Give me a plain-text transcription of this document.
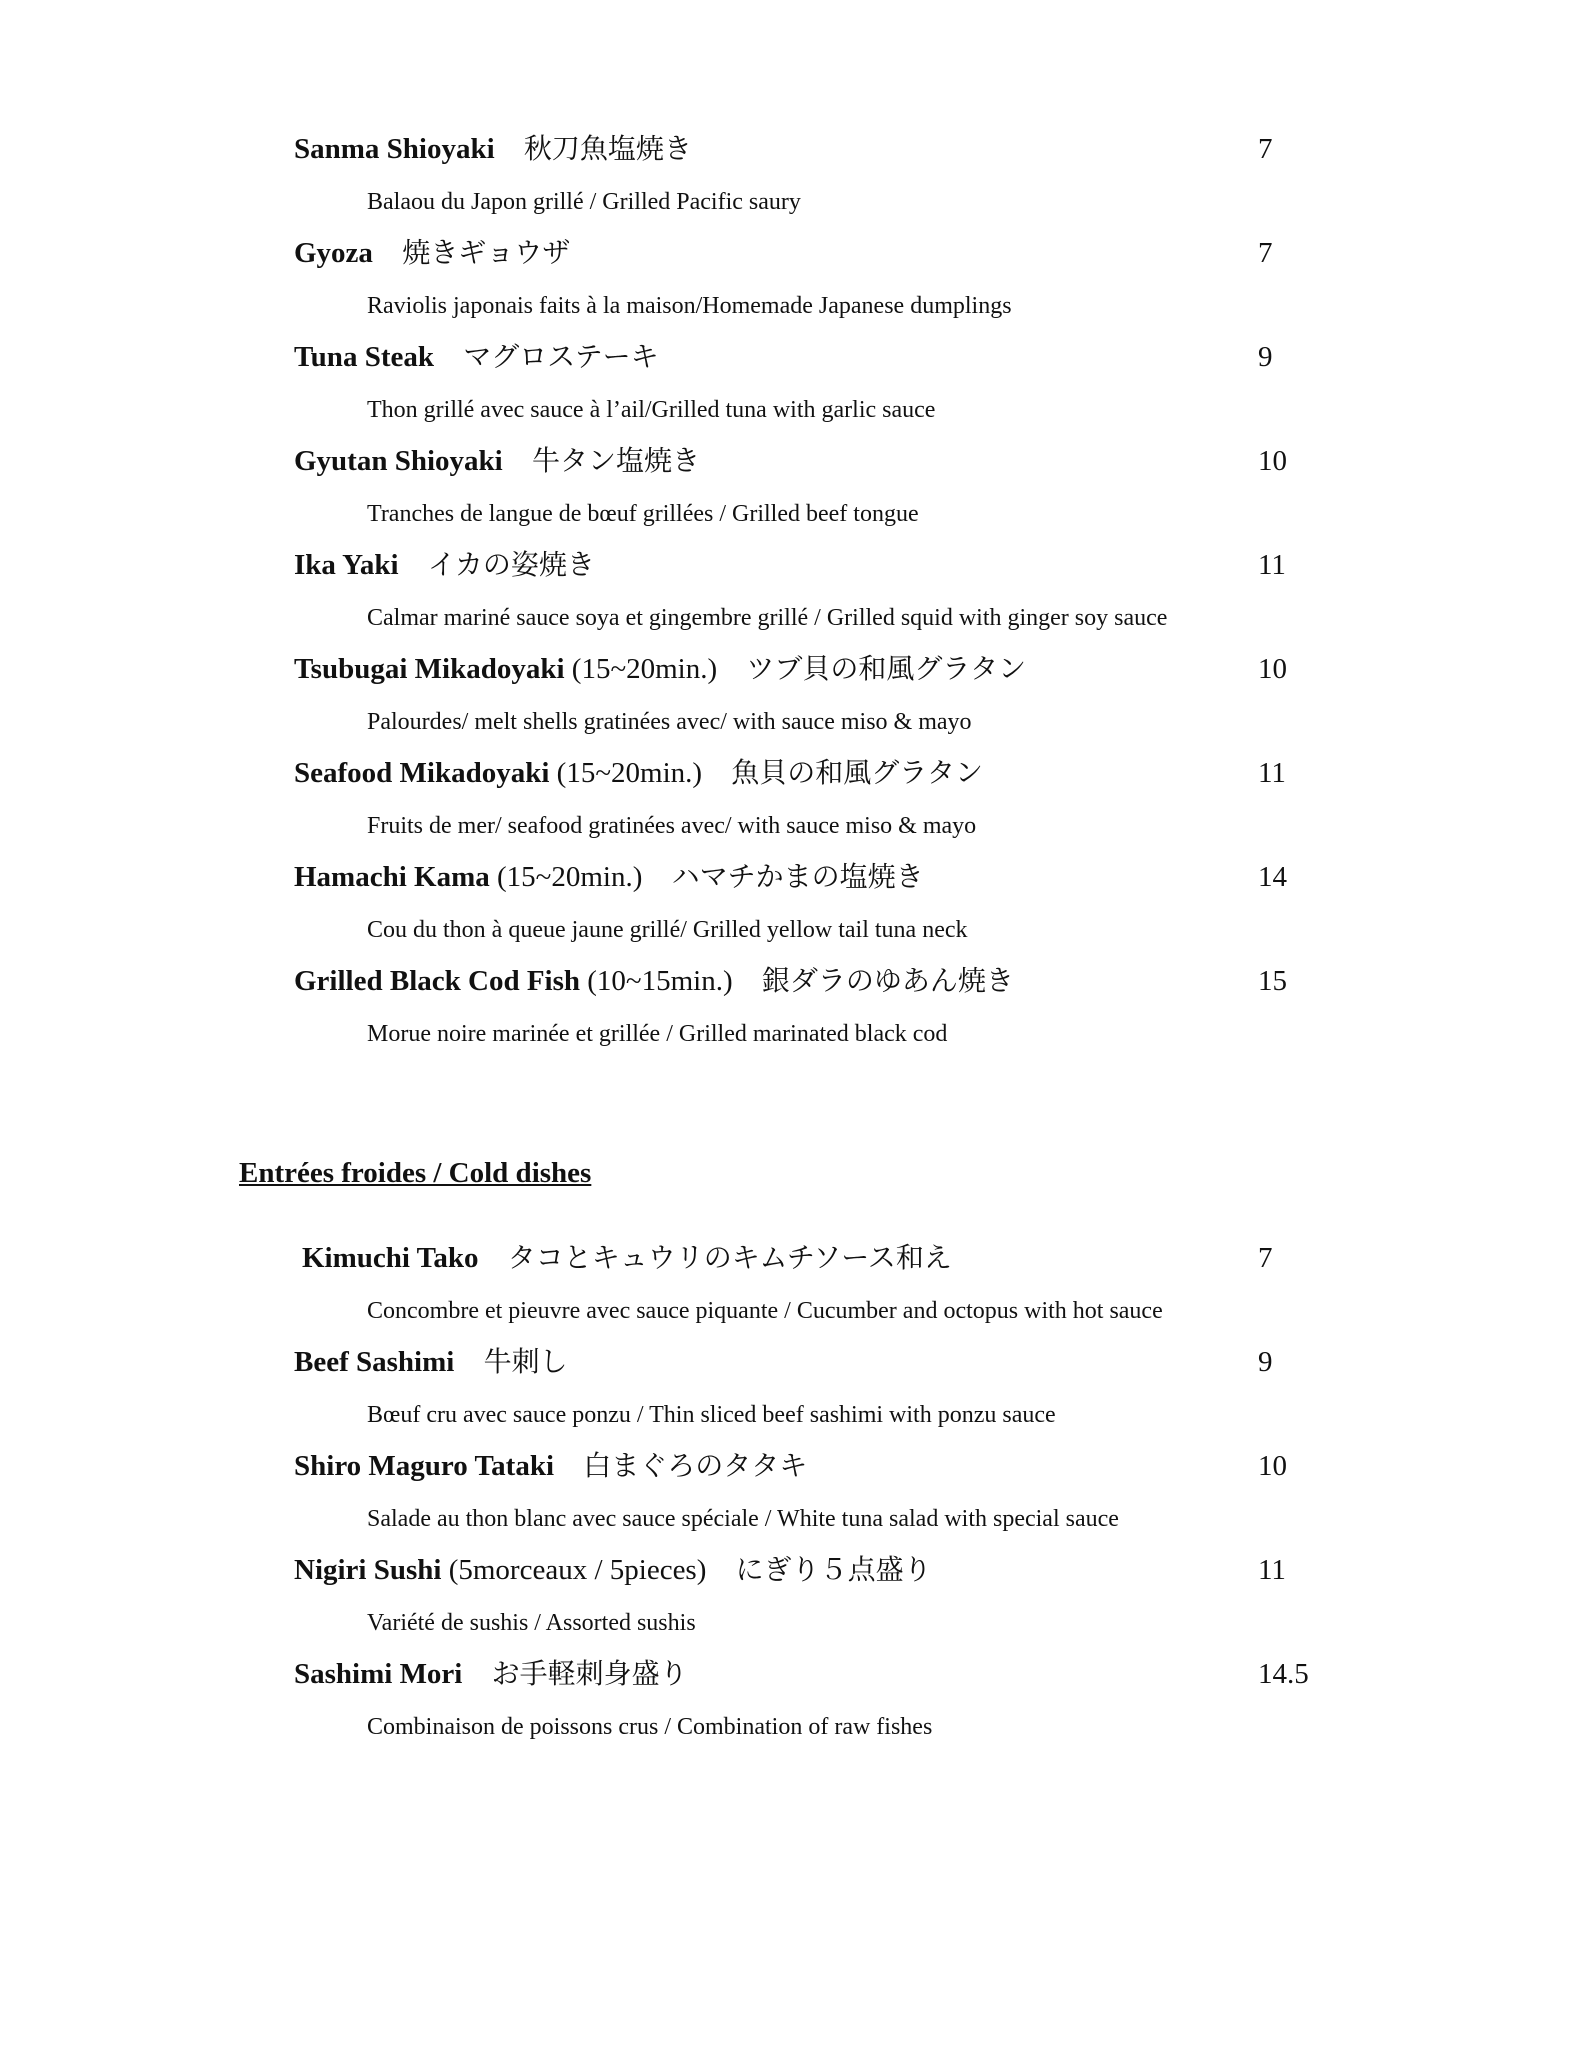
Sanma Shioyaki 秋刀魚塩焼き	7
Balaou du Japon grillé / Grilled Pacific saury
Gyoza 焼きギョウザ	7
Raviolis japonais faits à la maison/Homemade Japanese dumplings
Tuna Steak マグロステーキ	9
Thon grillé avec sauce à l’ail/Grilled tuna with garlic sauce
Gyutan Shioyaki 牛タン塩焼き	10
Tranches de langue de bœuf grillées / Grilled beef tongue
Ika Yaki イカの姿焼き	11
Calmar mariné sauce soya et gingembre grillé / Grilled squid with ginger soy sauce
Tsubugai Mikadoyaki (15~20min.) ツブ貝の和風グラタン	10
Palourdes/ melt shells gratinées avec/ with sauce miso & mayo
Seafood Mikadoyaki (15~20min.) 魚貝の和風グラタン	11
Fruits de mer/ seafood gratinées avec/ with sauce miso & mayo
Hamachi Kama (15~20min.) ハマチかまの塩焼き	14
Cou du thon à queue jaune grillé/ Grilled yellow tail tuna neck
Grilled Black Cod Fish (10~15min.) 銀ダラのゆあん焼き	15
Morue noire marinée et grillée / Grilled marinated black cod
Entrées froides / Cold dishes
Kimuchi Tako タコとキュウリのキムチソース和え	7
Concombre et pieuvre avec sauce piquante / Cucumber and octopus with hot sauce
Beef Sashimi 牛刺し	9
Bœuf cru avec sauce ponzu / Thin sliced beef sashimi with ponzu sauce
Shiro Maguro Tataki 白まぐろのタタキ	10
Salade au thon blanc avec sauce spéciale / White tuna salad with special sauce
Nigiri Sushi (5morceaux / 5pieces) にぎり５点盛り	11
Variété de sushis / Assorted sushis
Sashimi Mori お手軽刺身盛り	14.5
Combinaison de poissons crus / Combination of raw fishes
